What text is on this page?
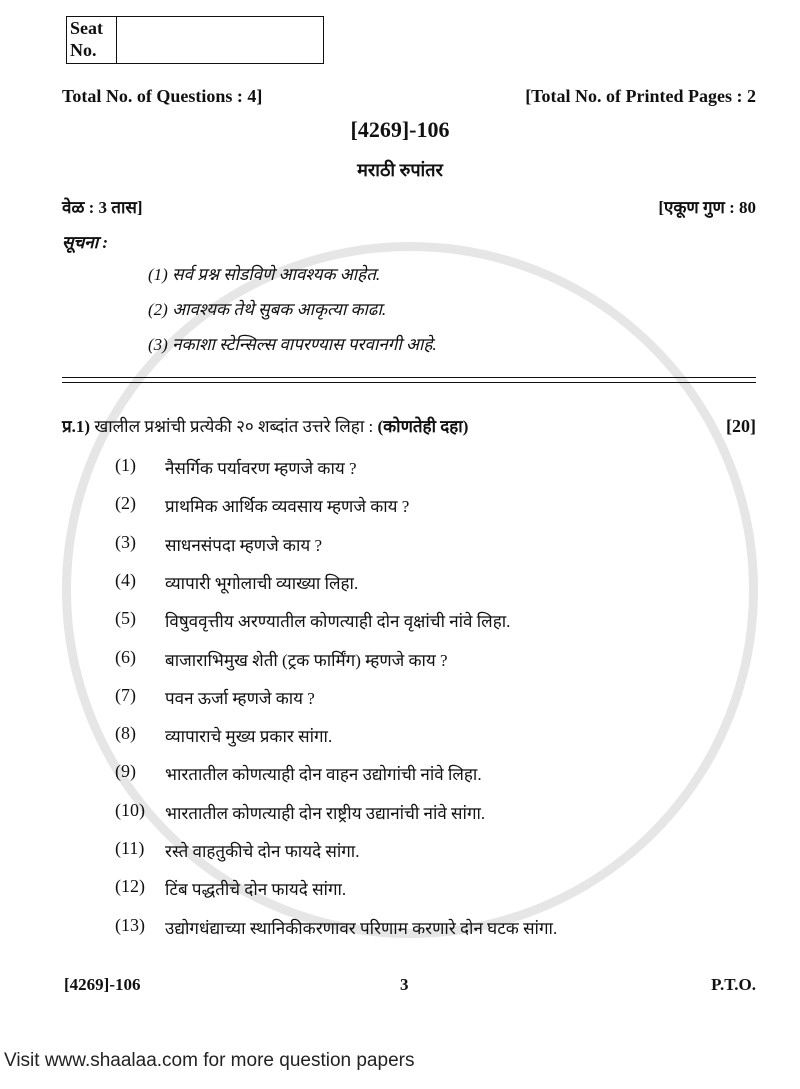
Seat No.
Total No. of Questions : 4]	[Total No. of Printed Pages : 2
[4269]-106
मराठी रुपांतर
वेळ : 3 तास]	[एकूण गुण : 80
सूचना :
(1) सर्व प्रश्न सोडविणे आवश्यक आहेत.
(2) आवश्यक तेथे सुबक आकृत्या काढा.
(3) नकाशा स्टेन्सिल्स वापरण्यास परवानगी आहे.
प्र.1) खालील प्रश्नांची प्रत्येकी २० शब्दांत उत्तरे लिहा : (कोणतेही दहा)	[20]
(1) नैसर्गिक पर्यावरण म्हणजे काय ?
(2) प्राथमिक आर्थिक व्यवसाय म्हणजे काय ?
(3) साधनसंपदा म्हणजे काय ?
(4) व्यापारी भूगोलाची व्याख्या लिहा.
(5) विषुववृत्तीय अरण्यातील कोणत्याही दोन वृक्षांची नांवे लिहा.
(6) बाजाराभिमुख शेती (ट्रक फार्मिंग) म्हणजे काय ?
(7) पवन ऊर्जा म्हणजे काय ?
(8) व्यापाराचे मुख्य प्रकार सांगा.
(9) भारतातील कोणत्याही दोन वाहन उद्योगांची नांवे लिहा.
(10) भारतातील कोणत्याही दोन राष्ट्रीय उद्यानांची नांवे सांगा.
(11) रस्ते वाहतुकीचे दोन फायदे सांगा.
(12) टिंब पद्धतीचे दोन फायदे सांगा.
(13) उद्योगधंद्याच्या स्थानिकीकरणावर परिणाम करणारे दोन घटक सांगा.
[4269]-106	3	P.T.O.
Visit www.shaalaa.com for more question papers
